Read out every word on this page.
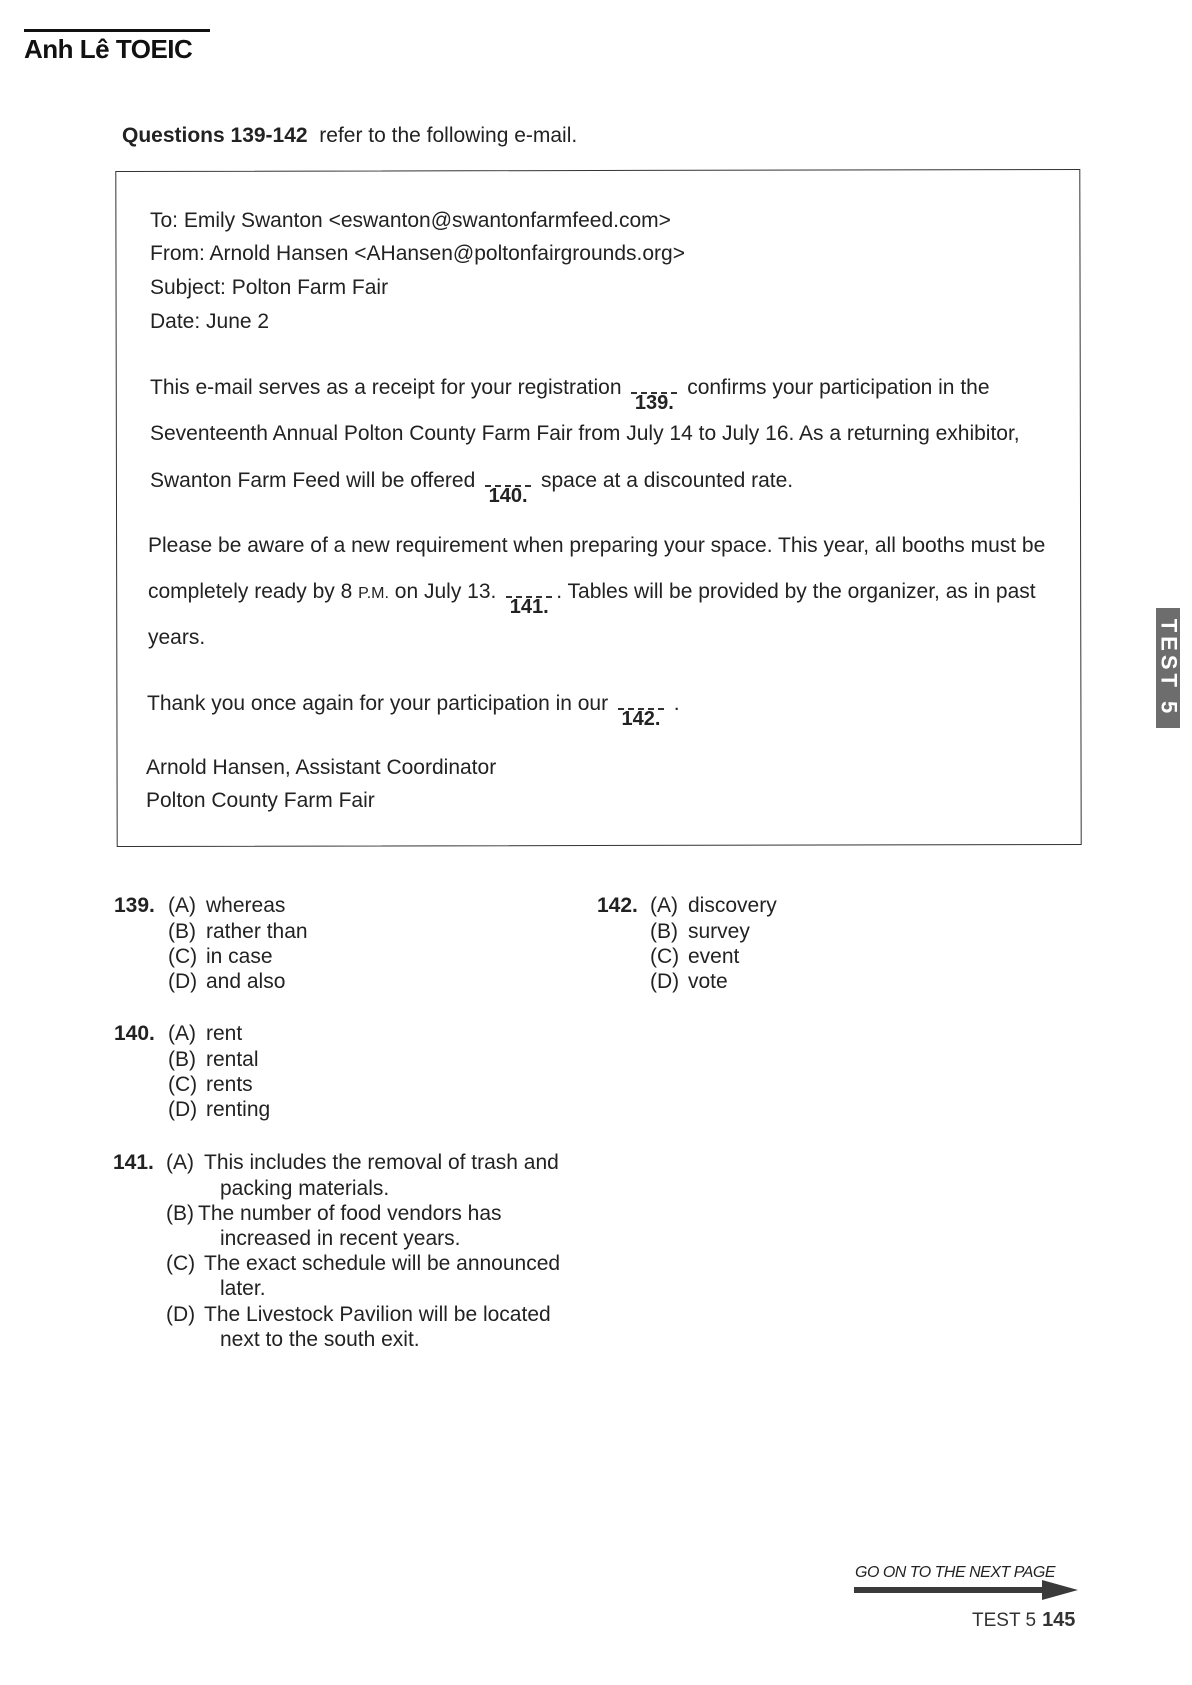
Anh Lê TOEIC
Questions 139-142 refer to the following e-mail.
To: Emily Swanton <eswanton@swantonfarmfeed.com>
From: Arnold Hansen <AHansen@poltonfairgrounds.org>
Subject: Polton Farm Fair
Date: June 2
This e-mail serves as a receipt for your registration
139.
confirms your participation in the
Seventeenth Annual Polton County Farm Fair from July 14 to July 16. As a returning exhibitor,
Swanton Farm Feed will be offered
140.
space at a discounted rate.
Please be aware of a new requirement when preparing your space. This year, all booths must be
completely ready by 8 P.M. on July 13.
141.
. Tables will be provided by the organizer, as in past
years.
Thank you once again for your participation in our
142.
.
Arnold Hansen, Assistant Coordinator
Polton County Farm Fair
139. (A) whereas
(B) rather than
(C) in case
(D) and also
140. (A) rent
(B) rental
(C) rents
(D) renting
141. (A) This includes the removal of trash and
packing materials.
(B) The number of food vendors has
increased in recent years.
(C) The exact schedule will be announced
later.
(D) The Livestock Pavilion will be located
next to the south exit.
142. (A) discovery
(B) survey
(C) event
(D) vote
TEST 5
GO ON TO THE NEXT PAGE
TEST 5 145
